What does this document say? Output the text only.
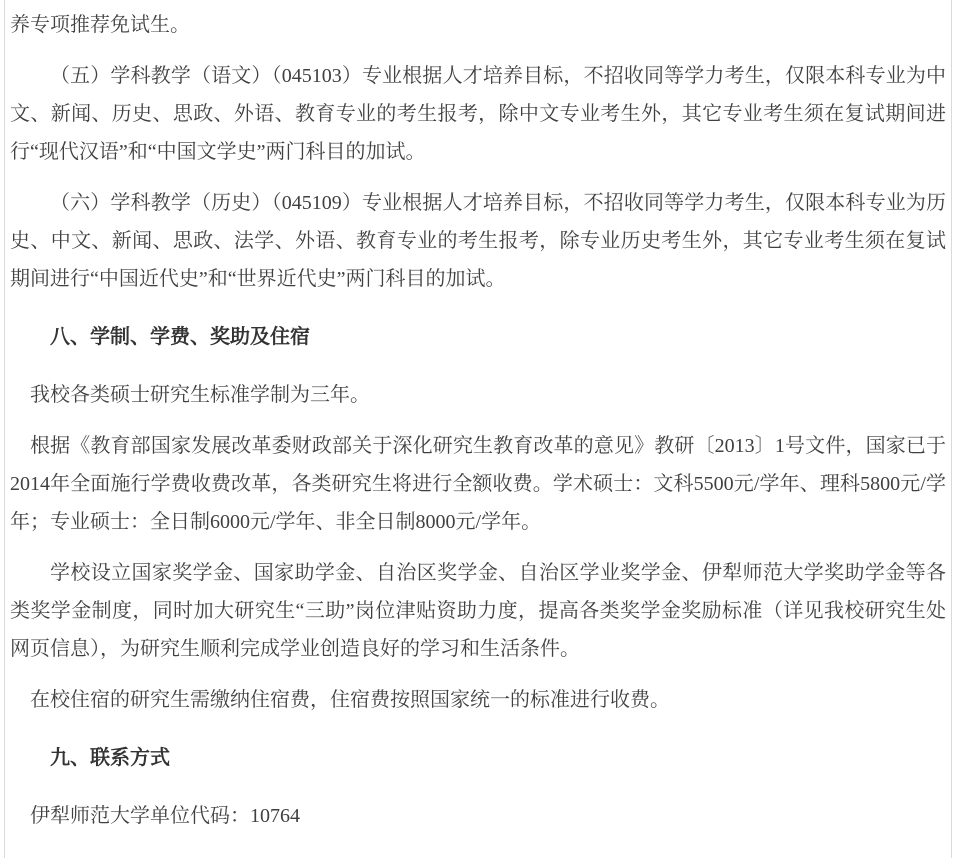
养专项推荐免试生。

（五）学科教学（语文）（045103）专业根据人才培养目标，不招收同等学力考生，仅限本科专业为中文、新闻、历史、思政、外语、教育专业的考生报考，除中文专业考生外，其它专业考生须在复试期间进行“现代汉语”和“中国文学史”两门科目的加试。

（六）学科教学（历史）（045109）专业根据人才培养目标，不招收同等学力考生，仅限本科专业为历史、中文、新闻、思政、法学、外语、教育专业的考生报考，除专业历史考生外，其它专业考生须在复试期间进行“中国近代史”和“世界近代史”两门科目的加试。

八、学制、学费、奖助及住宿

我校各类硕士研究生标准学制为三年。

根据《教育部国家发展改革委财政部关于深化研究生教育改革的意见》教研〔2013〕1号文件，国家已于2014年全面施行学费收费改革，各类研究生将进行全额收费。学术硕士：文科5500元/学年、理科5800元/学年；专业硕士：全日制6000元/学年、非全日制8000元/学年。

学校设立国家奖学金、国家助学金、自治区奖学金、自治区学业奖学金、伊犁师范大学奖助学金等各类奖学金制度，同时加大研究生“三助”岗位津贴资助力度，提高各类奖学金奖励标准（详见我校研究生处网页信息），为研究生顺利完成学业创造良好的学习和生活条件。

在校住宿的研究生需缴纳住宿费，住宿费按照国家统一的标准进行收费。

九、联系方式

伊犁师范大学单位代码：10764
